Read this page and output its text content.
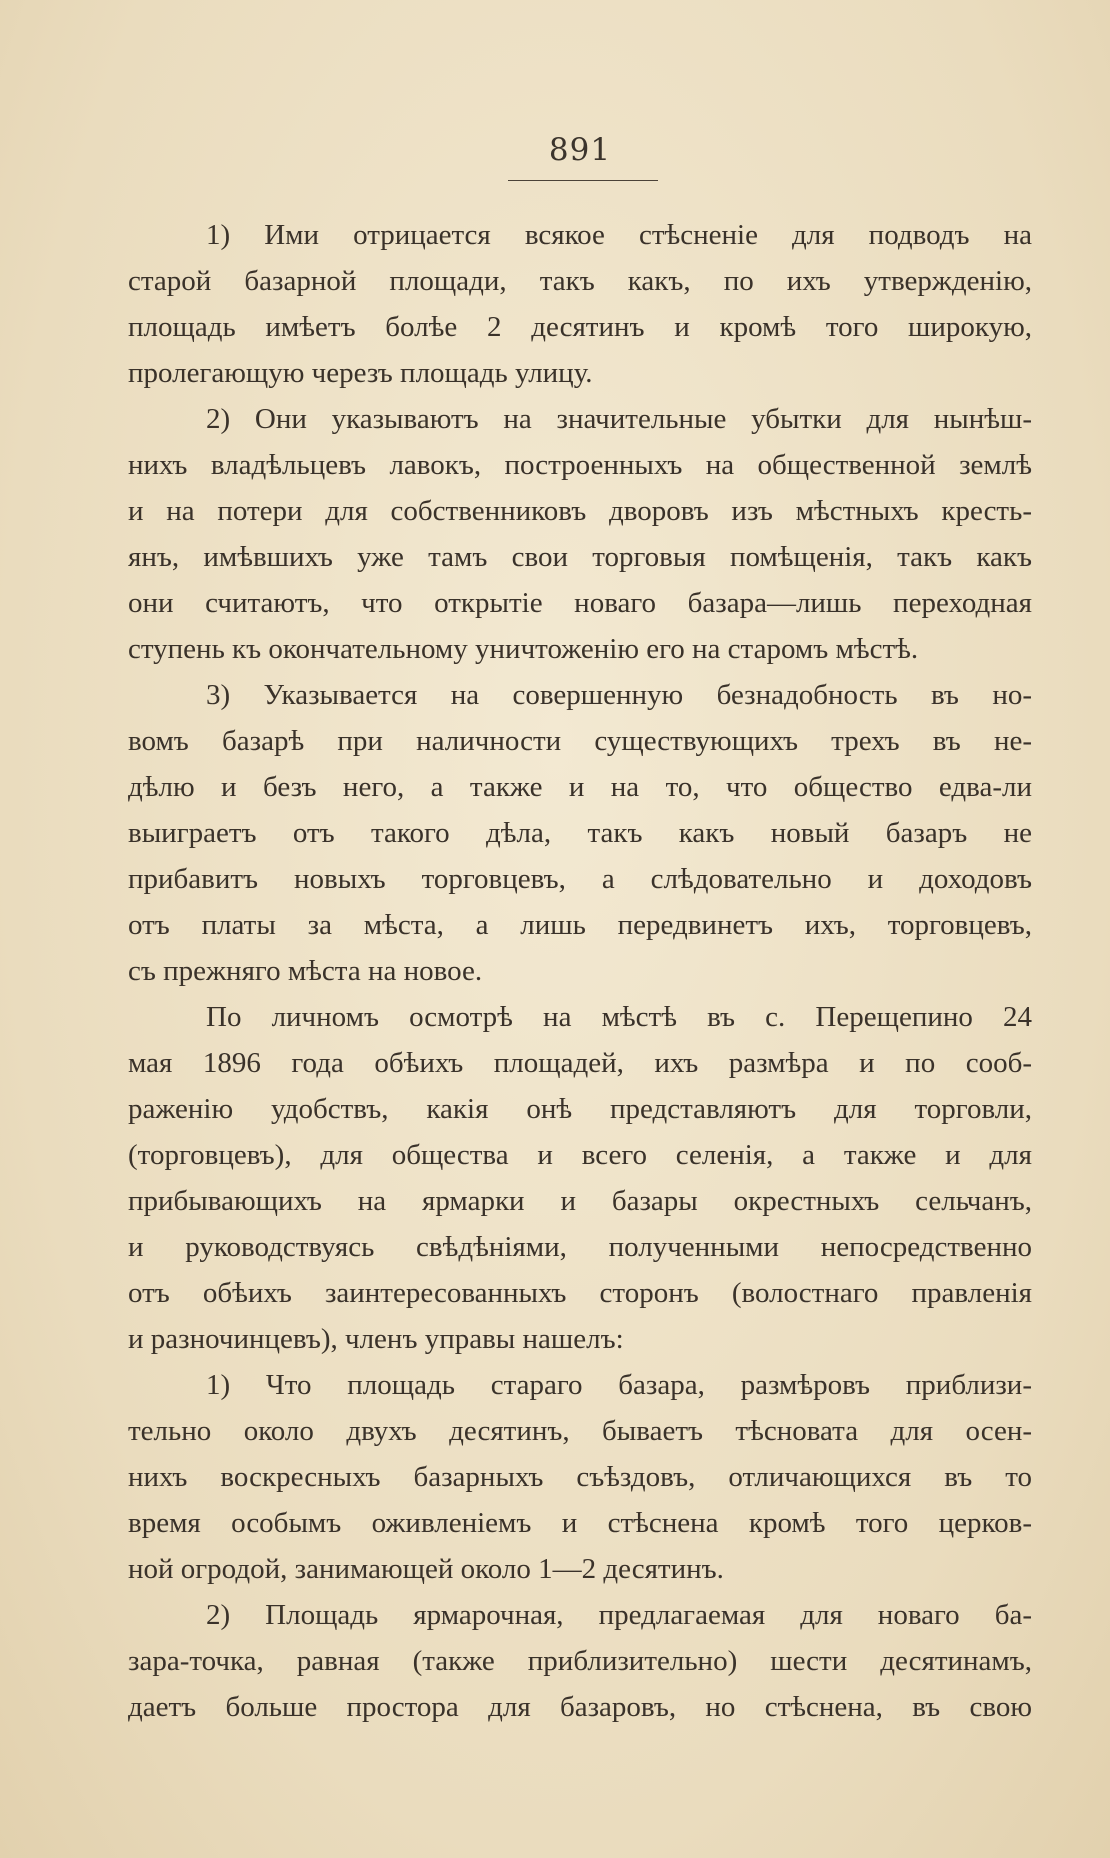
891
1) Ими отрицается всякое стѣсненіе для подводъ на
старой базарной площади, такъ какъ, по ихъ утвержденію,
площадь имѣетъ болѣе 2 десятинъ и кромѣ того широкую,
пролегающую черезъ площадь улицу.
2) Они указываютъ на значительные убытки для нынѣш-
нихъ владѣльцевъ лавокъ, построенныхъ на общественной землѣ
и на потери для собственниковъ дворовъ изъ мѣстныхъ кресть-
янъ, имѣвшихъ уже тамъ свои торговыя помѣщенія, такъ какъ
они считаютъ, что открытіе новаго базара—лишь переходная
ступень къ окончательному уничтоженію его на старомъ мѣстѣ.
3) Указывается на совершенную безнадобность въ но-
вомъ базарѣ при наличности существующихъ трехъ въ не-
дѣлю и безъ него, а также и на то, что общество едва-ли
выиграетъ отъ такого дѣла, такъ какъ новый базаръ не
прибавитъ новыхъ торговцевъ, а слѣдовательно и доходовъ
отъ платы за мѣста, а лишь передвинетъ ихъ, торговцевъ,
съ прежняго мѣста на новое.
По личномъ осмотрѣ на мѣстѣ въ с. Перещепино 24
мая 1896 года обѣихъ площадей, ихъ размѣра и по сооб-
раженію удобствъ, какія онѣ представляютъ для торговли,
(торговцевъ), для общества и всего селенія, а также и для
прибывающихъ на ярмарки и базары окрестныхъ сельчанъ,
и руководствуясь свѣдѣніями, полученными непосредственно
отъ обѣихъ заинтересованныхъ сторонъ (волостнаго правленія
и разночинцевъ), членъ управы нашелъ:
1) Что площадь стараго базара, размѣровъ приблизи-
тельно около двухъ десятинъ, бываетъ тѣсновата для осен-
нихъ воскресныхъ базарныхъ съѣздовъ, отличающихся въ то
время особымъ оживленіемъ и стѣснена кромѣ того церков-
ной огродой, занимающей около 1—2 десятинъ.
2) Площадь ярмарочная, предлагаемая для новаго ба-
зара-точка, равная (также приблизительно) шести десятинамъ,
даетъ больше простора для базаровъ, но стѣснена, въ свою
